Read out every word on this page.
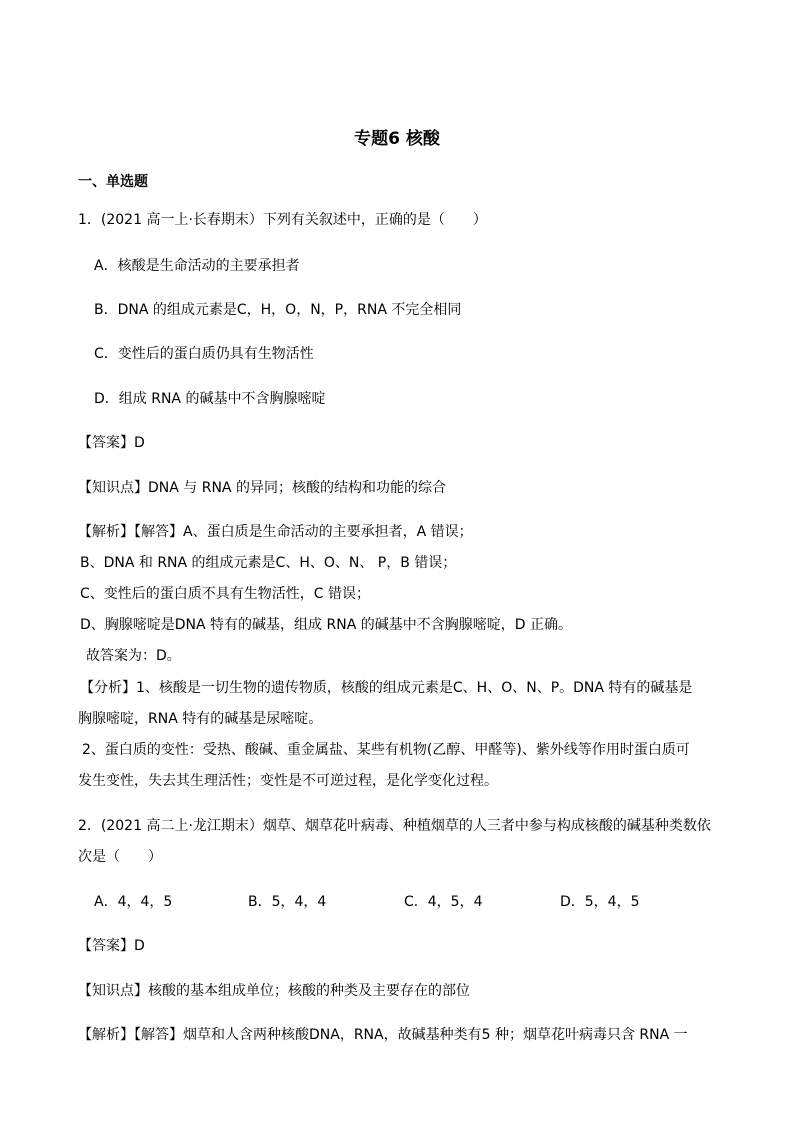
专题6 核酸
一、单选题
1．(2021 高一上·长春期末）下列有关叙述中，正确的是（　　）
A．核酸是生命活动的主要承担者
B．DNA 的组成元素是C，H，O，N，P，RNA 不完全相同
C．变性后的蛋白质仍具有生物活性
D．组成 RNA 的碱基中不含胸腺嘧啶
【答案】D
【知识点】DNA 与 RNA 的异同；核酸的结构和功能的综合
【解析】【解答】A、蛋白质是生命活动的主要承担者，A 错误；
B、DNA 和 RNA 的组成元素是C、H、O、N、 P，B 错误；
C、变性后的蛋白质不具有生物活性，C 错误；
D、胸腺嘧啶是DNA 特有的碱基，组成 RNA 的碱基中不含胸腺嘧啶，D 正确。
故答案为：D。
【分析】1、核酸是一切生物的遗传物质，核酸的组成元素是C、H、O、N、P。DNA 特有的碱基是
胸腺嘧啶，RNA 特有的碱基是尿嘧啶。
2、蛋白质的变性：受热、酸碱、重金属盐、某些有机物(乙醇、甲醛等)、紫外线等作用时蛋白质可
发生变性，失去其生理活性；变性是不可逆过程，是化学变化过程。
2．(2021 高二上·龙江期末）烟草、烟草花叶病毒、种植烟草的人三者中参与构成核酸的碱基种类数依
次是（　　）
A．4，4，5	B．5，4，4	C．4，5，4	D．5，4，5
【答案】D
【知识点】核酸的基本组成单位；核酸的种类及主要存在的部位
【解析】【解答】烟草和人含两种核酸DNA，RNA，故碱基种类有5 种；烟草花叶病毒只含 RNA 一
